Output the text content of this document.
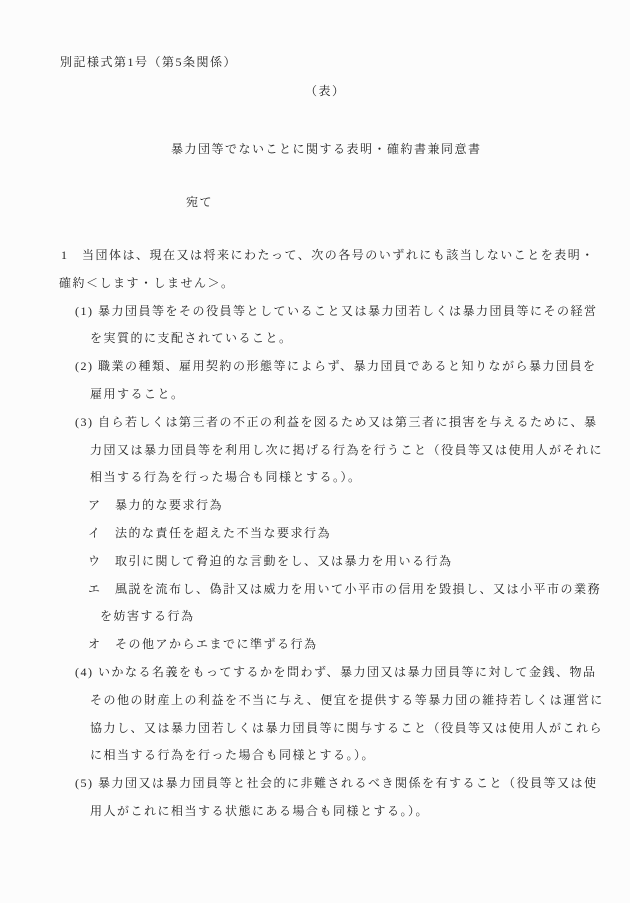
別記様式第1号（第5条関係）
（表）
暴力団等でないことに関する表明・確約書兼同意書
宛て
1　当団体は、現在又は将来にわたって、次の各号のいずれにも該当しないことを表明・
確約＜します・しません＞。
(1) 暴力団員等をその役員等としていること又は暴力団若しくは暴力団員等にその経営
を実質的に支配されていること。
(2) 職業の種類、雇用契約の形態等によらず、暴力団員であると知りながら暴力団員を
雇用すること。
(3) 自ら若しくは第三者の不正の利益を図るため又は第三者に損害を与えるために、暴
力団又は暴力団員等を利用し次に掲げる行為を行うこと（役員等又は使用人がそれに
相当する行為を行った場合も同様とする。）。
ア　暴力的な要求行為
イ　法的な責任を超えた不当な要求行為
ウ　取引に関して脅迫的な言動をし、又は暴力を用いる行為
エ　風説を流布し、偽計又は威力を用いて小平市の信用を毀損し、又は小平市の業務
を妨害する行為
オ　その他アからエまでに準ずる行為
(4) いかなる名義をもってするかを問わず、暴力団又は暴力団員等に対して金銭、物品
その他の財産上の利益を不当に与え、便宜を提供する等暴力団の維持若しくは運営に
協力し、又は暴力団若しくは暴力団員等に関与すること（役員等又は使用人がこれら
に相当する行為を行った場合も同様とする。）。
(5) 暴力団又は暴力団員等と社会的に非難されるべき関係を有すること（役員等又は使
用人がこれに相当する状態にある場合も同様とする。）。
